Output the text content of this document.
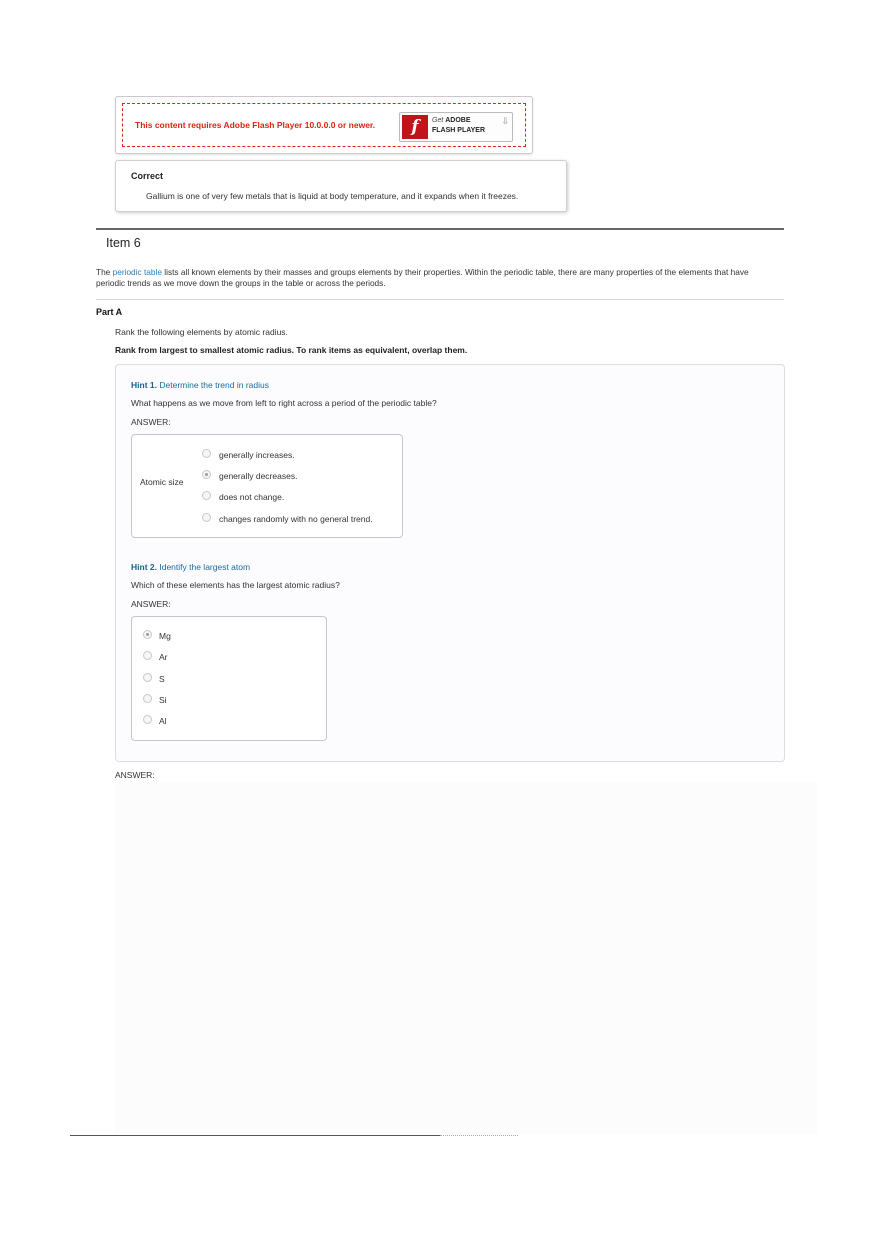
This content requires Adobe Flash Player 10.0.0.0 or newer.	f	Get ADOBE
FLASH PLAYER
⇩
Correct
Gallium is one of very few metals that is liquid at body temperature, and it expands when it freezes.
Item 6
The periodic table lists all known elements by their masses and groups elements by their properties. Within the periodic table, there are many properties of the elements that have periodic trends as we move down the groups in the table or across the periods.
Part A
Rank the following elements by atomic radius.
Rank from largest to smallest atomic radius. To rank items as equivalent, overlap them.
Hint 1. Determine the trend in radius
What happens as we move from left to right across a period of the periodic table?
ANSWER:
Atomic size
generally increases.
generally decreases.
does not change.
changes randomly with no general trend.
Hint 2. Identify the largest atom
Which of these elements has the largest atomic radius?
ANSWER:
Mg
Ar
S
Si
Al
ANSWER:
